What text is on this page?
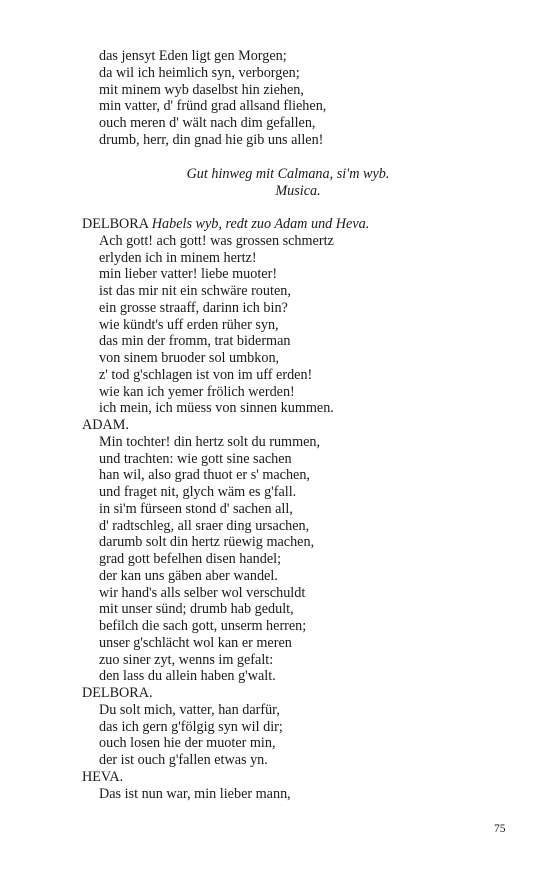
das jensyt Eden ligt gen Morgen;
da wil ich heimlich syn, verborgen;
mit minem wyb daselbst hin ziehen,
min vatter, d' fründ grad allsand fliehen,
ouch meren d' wält nach dim gefallen,
drumb, herr, din gnad hie gib uns allen!
Gut hinweg mit Calmana, si'm wyb.
Musica.
DELBORA Habels wyb, redt zuo Adam und Heva.
Ach gott! ach gott! was grossen schmertz
erlyden ich in minem hertz!
min lieber vatter! liebe muoter!
ist das mir nit ein schwäre routen,
ein grosse straaff, darinn ich bin?
wie kündt's uff erden rüher syn,
das min der fromm, trat biderman
von sinem bruoder sol umbkon,
z' tod g'schlagen ist von im uff erden!
wie kan ich yemer frölich werden!
ich mein, ich müess von sinnen kummen.
ADAM.
Min tochter! din hertz solt du rummen,
und trachten: wie gott sine sachen
han wil, also grad thuot er s' machen,
und fraget nit, glych wäm es g'fall.
in si'm fürseen stond d' sachen all,
d' radtschleg, all sraer ding ursachen,
darumb solt din hertz rüewig machen,
grad gott befelhen disen handel;
der kan uns gäben aber wandel.
wir hand's alls selber wol verschuldt
mit unser sünd; drumb hab gedult,
befilch die sach gott, unserm herren;
unser g'schlächt wol kan er meren
zuo siner zyt, wenns im gefalt:
den lass du allein haben g'walt.
DELBORA.
Du solt mich, vatter, han darfür,
das ich gern g'fölgig syn wil dir;
ouch losen hie der muoter min,
der ist ouch g'fallen etwas yn.
HEVA.
Das ist nun war, min lieber mann,
75
